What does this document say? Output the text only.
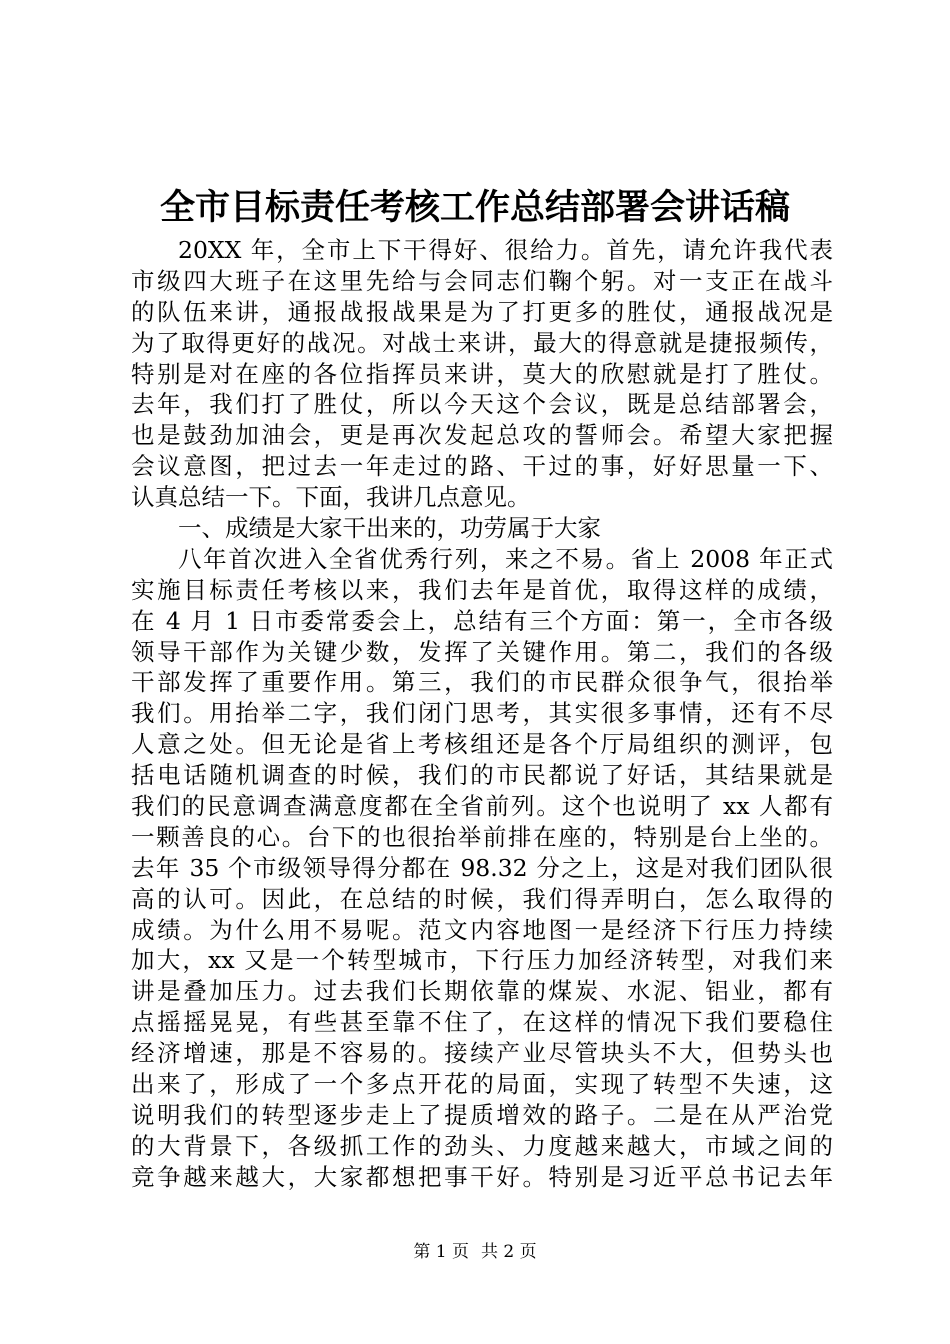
全市目标责任考核工作总结部署会讲话稿
20XX 年，全市上下干得好、很给力。首先，请允许我代表
市级四大班子在这里先给与会同志们鞠个躬。对一支正在战斗
的队伍来讲，通报战报战果是为了打更多的胜仗，通报战况是
为了取得更好的战况。对战士来讲，最大的得意就是捷报频传，
特别是对在座的各位指挥员来讲，莫大的欣慰就是打了胜仗。
去年，我们打了胜仗，所以今天这个会议，既是总结部署会，
也是鼓劲加油会，更是再次发起总攻的誓师会。希望大家把握
会议意图，把过去一年走过的路、干过的事，好好思量一下、
认真总结一下。下面，我讲几点意见。
一、成绩是大家干出来的，功劳属于大家
八年首次进入全省优秀行列，来之不易。省上 2008 年正式
实施目标责任考核以来，我们去年是首优，取得这样的成绩，
在 4 月 1 日市委常委会上，总结有三个方面：第一，全市各级
领导干部作为关键少数，发挥了关键作用。第二，我们的各级
干部发挥了重要作用。第三，我们的市民群众很争气，很抬举
我们。用抬举二字，我们闭门思考，其实很多事情，还有不尽
人意之处。但无论是省上考核组还是各个厅局组织的测评，包
括电话随机调查的时候，我们的市民都说了好话，其结果就是
我们的民意调查满意度都在全省前列。这个也说明了 xx 人都有
一颗善良的心。台下的也很抬举前排在座的，特别是台上坐的。
去年 35 个市级领导得分都在 98.32 分之上，这是对我们团队很
高的认可。因此，在总结的时候，我们得弄明白，怎么取得的
成绩。为什么用不易呢。范文内容地图一是经济下行压力持续
加大，xx 又是一个转型城市，下行压力加经济转型，对我们来
讲是叠加压力。过去我们长期依靠的煤炭、水泥、铝业，都有
点摇摇晃晃，有些甚至靠不住了，在这样的情况下我们要稳住
经济增速，那是不容易的。接续产业尽管块头不大，但势头也
出来了，形成了一个多点开花的局面，实现了转型不失速，这
说明我们的转型逐步走上了提质增效的路子。二是在从严治党
的大背景下，各级抓工作的劲头、力度越来越大，市域之间的
竞争越来越大，大家都想把事干好。特别是习近平总书记去年
第 1 页 共 2 页
